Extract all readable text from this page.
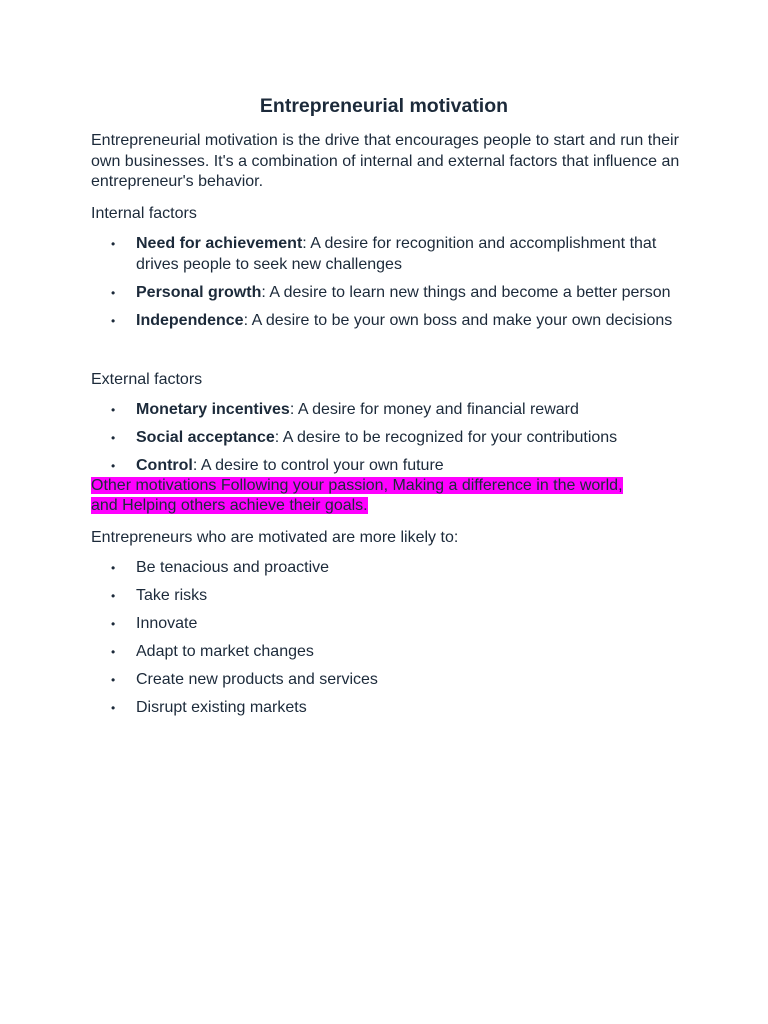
Entrepreneurial motivation

Entrepreneurial motivation is the drive that encourages people to start and run their own businesses. It's a combination of internal and external factors that influence an entrepreneur's behavior.

Internal factors

• Need for achievement: A desire for recognition and accomplishment that drives people to seek new challenges
• Personal growth: A desire to learn new things and become a better person
• Independence: A desire to be your own boss and make your own decisions

External factors

• Monetary incentives: A desire for money and financial reward
• Social acceptance: A desire to be recognized for your contributions
• Control: A desire to control your own future

Other motivations Following your passion, Making a difference in the world,
and Helping others achieve their goals.

Entrepreneurs who are motivated are more likely to:

• Be tenacious and proactive
• Take risks
• Innovate
• Adapt to market changes
• Create new products and services
• Disrupt existing markets
